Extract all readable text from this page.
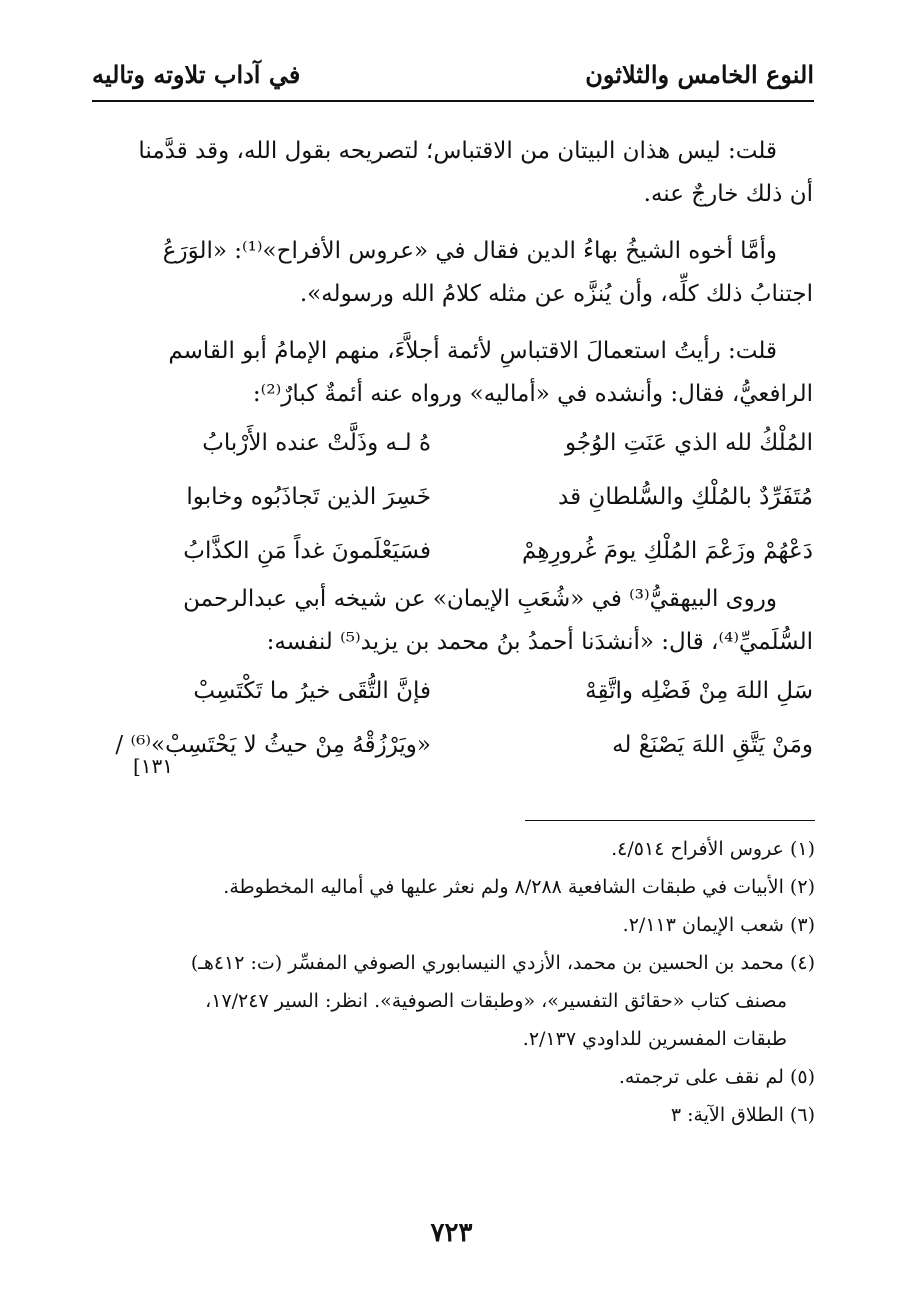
النوع الخامس والثلاثون
في آداب تلاوته وتاليه
قلت: ليس هذان البيتان من الاقتباس؛ لتصريحه بقول الله، وقد قدَّمنا
أن ذلك خارجٌ عنه.
وأمَّا أخوه الشيخُ بهاءُ الدين فقال في «عروس الأفراح»⁽¹⁾: «الوَرَعُ
اجتنابُ ذلك كلِّه، وأن يُنزَّه عن مثله كلامُ الله ورسوله».
قلت: رأيتُ استعمالَ الاقتباسِ لأئمة أجلاَّءَ، منهم الإمامُ أبو القاسم
الرافعيُّ، فقال: وأنشده في «أماليه» ورواه عنه أئمةٌ كبارٌ⁽²⁾:
المُلْكُ لله الذي عَنَتِ الوُجُو
هُ لـه وذَلَّتْ عنده الأَرْبابُ
مُتَفَرِّدٌ بالمُلْكِ والسُّلطانِ قد
خَسِرَ الذين تَجاذَبُوه وخابوا
دَعْهُمْ وزَعْمَ المُلْكِ يومَ غُرورِهِمْ
فسَيَعْلَمونَ غداً مَنِ الكذَّابُ
وروى البيهقيُّ⁽³⁾ في «شُعَبِ الإيمان» عن شيخه أبي عبدالرحمن
السُّلَميِّ⁽⁴⁾، قال: «أنشدَنا أحمدُ بنُ محمد بن يزيد⁽⁵⁾ لنفسه:
سَلِ اللهَ مِنْ فَضْلِه واتَّقِهْ
فإنَّ التُّقَى خيرُ ما تَكْتَسِبْ
ومَنْ يَتَّقِ اللهَ يَصْنَعْ له
«ويَرْزُقْهُ مِنْ حيثُ لا يَحْتَسِبْ»⁽⁶⁾ /
[١٣١
(١) عروس الأفراح ٤/٥١٤.
(٢) الأبيات في طبقات الشافعية ٨/٢٨٨ ولم نعثر عليها في أماليه المخطوطة.
(٣) شعب الإيمان ٢/١١٣.
(٤) محمد بن الحسين بن محمد، الأزدي النيسابوري الصوفي المفسِّر (ت: ٤١٢هـ)
مصنف كتاب «حقائق التفسير»، «وطبقات الصوفية». انظر: السير ١٧/٢٤٧،
طبقات المفسرين للداودي ٢/١٣٧.
(٥) لم نقف على ترجمته.
(٦) الطلاق الآية: ٣
٧٢٣
